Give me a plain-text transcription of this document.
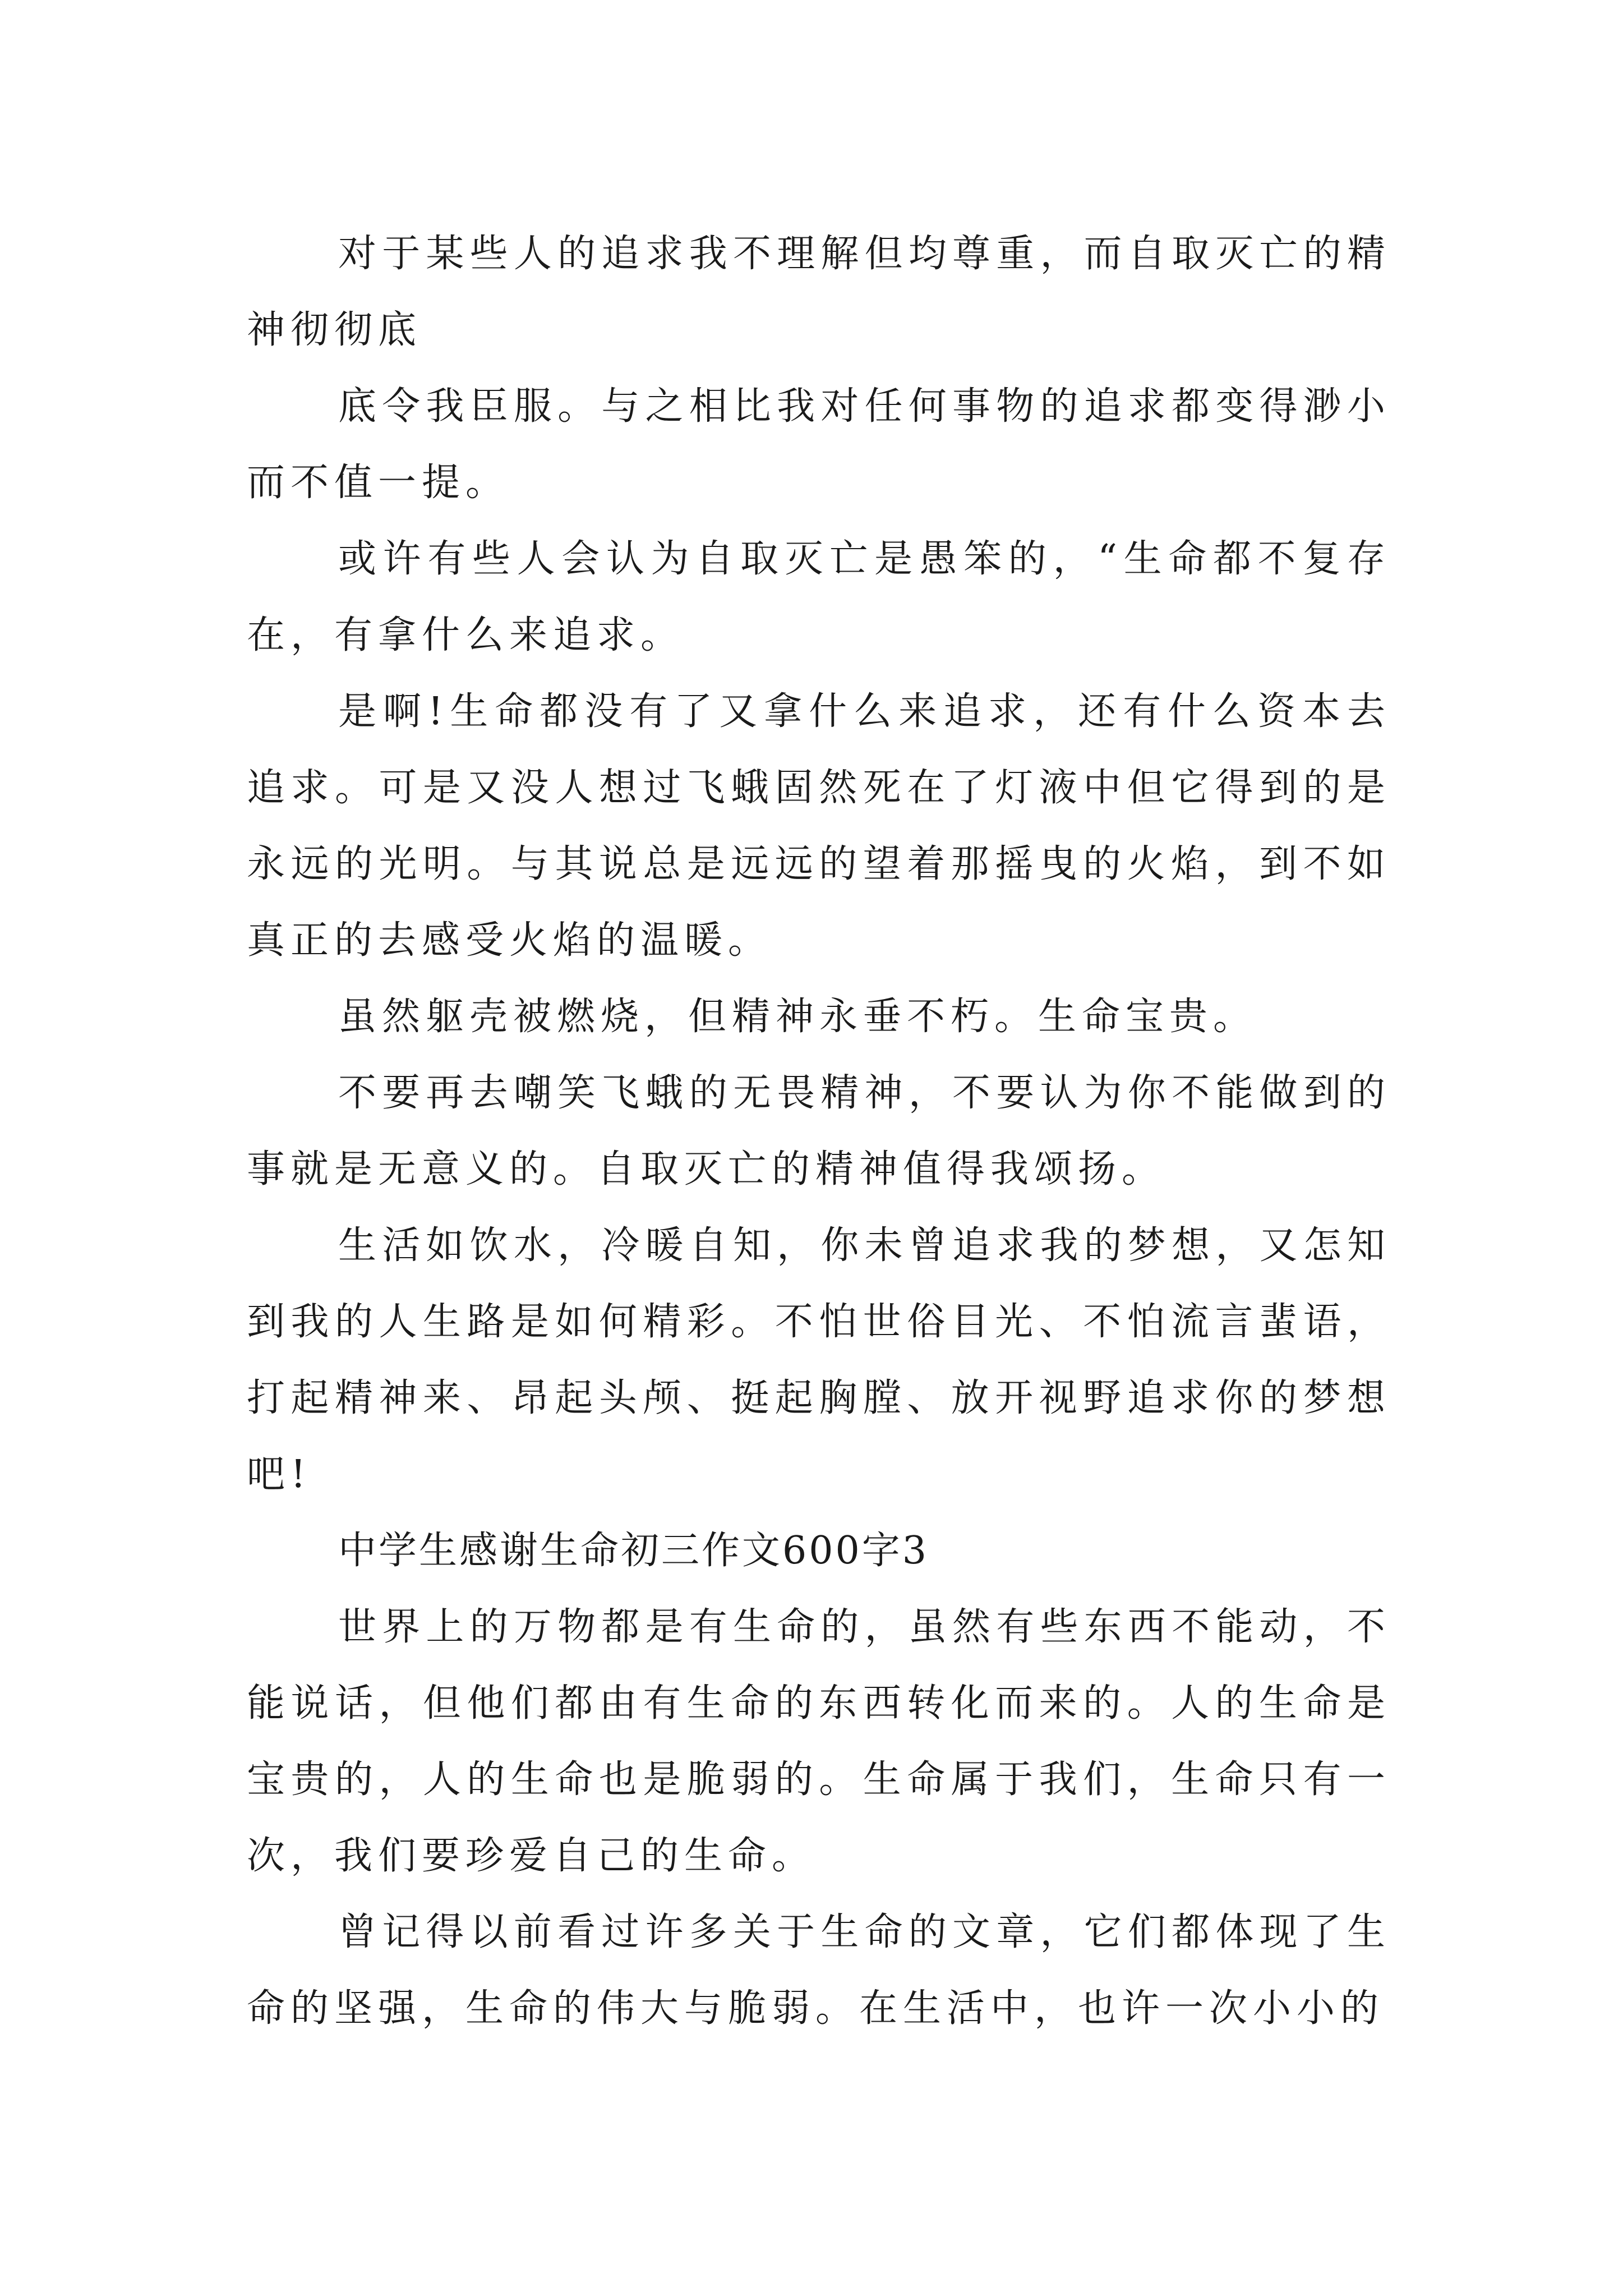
对于某些人的追求我不理解但均尊重，而自取灭亡的精神彻彻底

底令我臣服。与之相比我对任何事物的追求都变得渺小而不值一提。

或许有些人会认为自取灭亡是愚笨的，“生命都不复存在，有拿什么来追求。

是啊!生命都没有了又拿什么来追求，还有什么资本去追求。可是又没人想过飞蛾固然死在了灯液中但它得到的是永远的光明。与其说总是远远的望着那摇曳的火焰，到不如真正的去感受火焰的温暖。

虽然躯壳被燃烧，但精神永垂不朽。生命宝贵。

不要再去嘲笑飞蛾的无畏精神，不要认为你不能做到的事就是无意义的。自取灭亡的精神值得我颂扬。

生活如饮水，冷暖自知，你未曾追求我的梦想，又怎知到我的人生路是如何精彩。不怕世俗目光、不怕流言蜚语，打起精神来、昂起头颅、挺起胸膛、放开视野追求你的梦想吧!

中学生感谢生命初三作文600字3

世界上的万物都是有生命的，虽然有些东西不能动，不能说话，但他们都由有生命的东西转化而来的。人的生命是宝贵的，人的生命也是脆弱的。生命属于我们，生命只有一次，我们要珍爱自己的生命。

曾记得以前看过许多关于生命的文章，它们都体现了生命的坚强，生命的伟大与脆弱。在生活中，也许一次小小的
